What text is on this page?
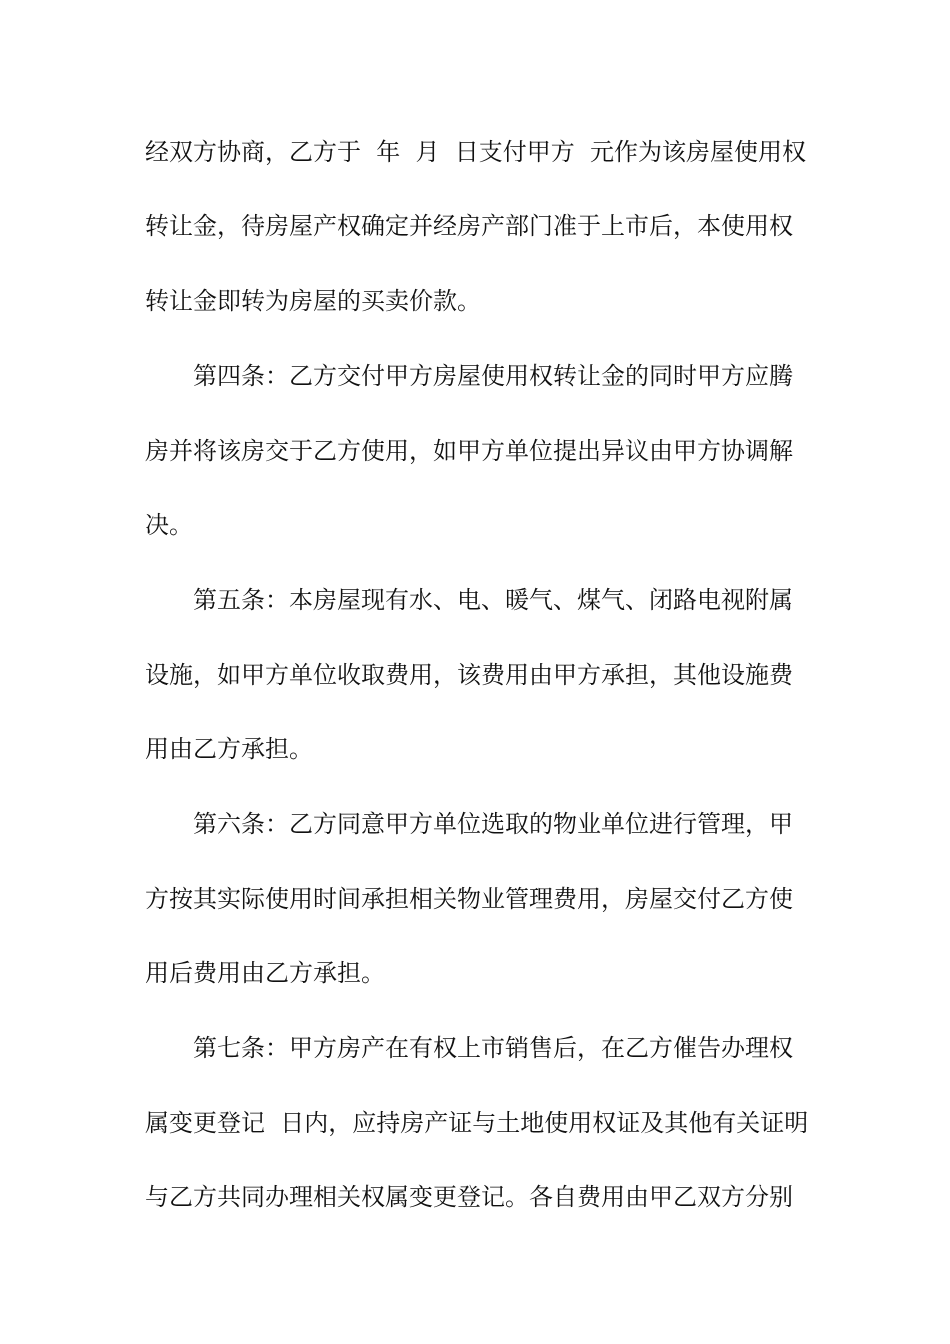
经双方协商，乙方于  年  月  日支付甲方  元作为该房屋使用权
转让金，待房屋产权确定并经房产部门准于上市后，本使用权
转让金即转为房屋的买卖价款。
第四条：乙方交付甲方房屋使用权转让金的同时甲方应腾
房并将该房交于乙方使用，如甲方单位提出异议由甲方协调解
决。
第五条：本房屋现有水、电、暖气、煤气、闭路电视附属
设施，如甲方单位收取费用，该费用由甲方承担，其他设施费
用由乙方承担。
第六条：乙方同意甲方单位选取的物业单位进行管理，甲
方按其实际使用时间承担相关物业管理费用，房屋交付乙方使
用后费用由乙方承担。
第七条：甲方房产在有权上市销售后，在乙方催告办理权
属变更登记  日内，应持房产证与土地使用权证及其他有关证明
与乙方共同办理相关权属变更登记。各自费用由甲乙双方分别
